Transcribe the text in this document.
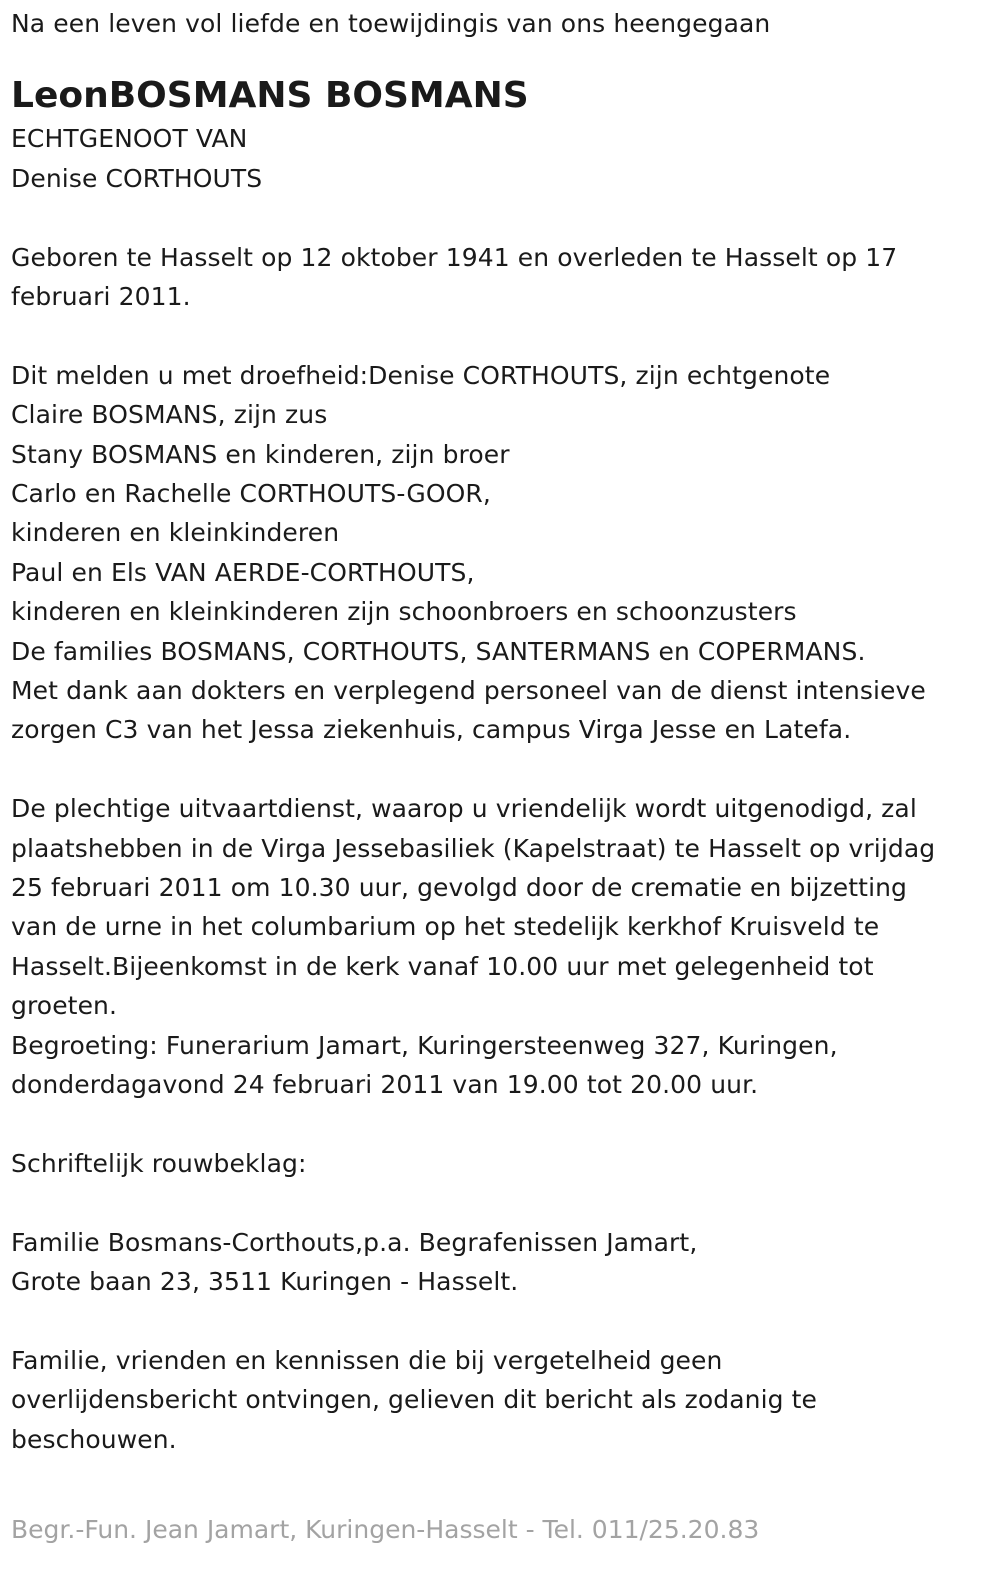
Na een leven vol liefde en toewijdingis van ons heengegaan
LeonBOSMANS BOSMANS
ECHTGENOOT VAN
Denise CORTHOUTS
Geboren te Hasselt op 12 oktober 1941 en overleden te Hasselt op 17
februari 2011.
Dit melden u met droefheid:Denise CORTHOUTS, zijn echtgenote
Claire BOSMANS, zijn zus
Stany BOSMANS en kinderen, zijn broer
Carlo en Rachelle CORTHOUTS-GOOR,
kinderen en kleinkinderen
Paul en Els VAN AERDE-CORTHOUTS,
kinderen en kleinkinderen zijn schoonbroers en schoonzusters
De families BOSMANS, CORTHOUTS, SANTERMANS en COPERMANS.
Met dank aan dokters en verplegend personeel van de dienst intensieve
zorgen C3 van het Jessa ziekenhuis, campus Virga Jesse en Latefa.
De plechtige uitvaartdienst, waarop u vriendelijk wordt uitgenodigd, zal
plaatshebben in de Virga Jessebasiliek (Kapelstraat) te Hasselt op vrijdag
25 februari 2011 om 10.30 uur, gevolgd door de crematie en bijzetting
van de urne in het columbarium op het stedelijk kerkhof Kruisveld te
Hasselt.Bijeenkomst in de kerk vanaf 10.00 uur met gelegenheid tot
groeten.
Begroeting: Funerarium Jamart, Kuringersteenweg 327, Kuringen,
donderdagavond 24 februari 2011 van 19.00 tot 20.00 uur.
Schriftelijk rouwbeklag:
Familie Bosmans-Corthouts,p.a. Begrafenissen Jamart,
Grote baan 23, 3511 Kuringen - Hasselt.
Familie, vrienden en kennissen die bij vergetelheid geen
overlijdensbericht ontvingen, gelieven dit bericht als zodanig te
beschouwen.
Begr.-Fun. Jean Jamart, Kuringen-Hasselt - Tel. 011/25.20.83
